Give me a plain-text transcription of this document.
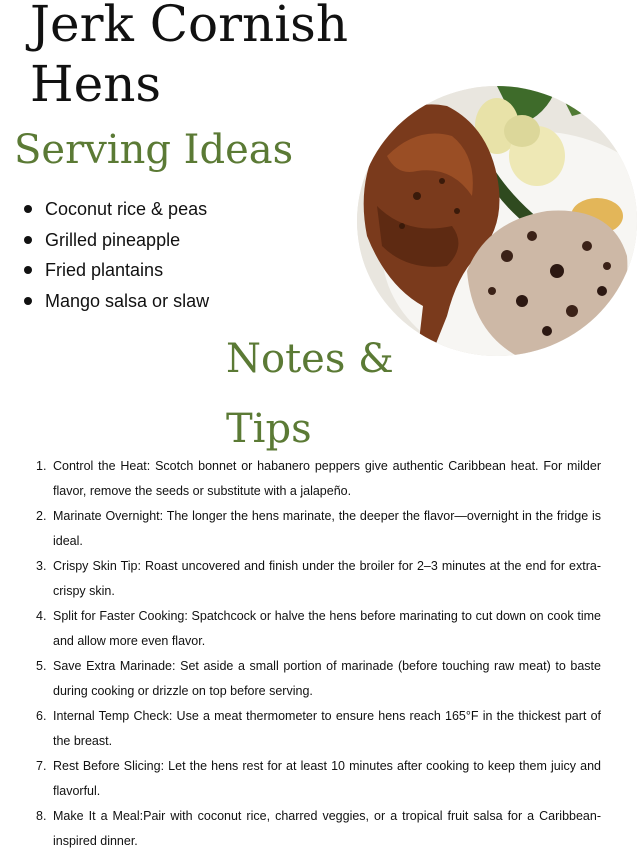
Jerk Cornish
Hens
Serving Ideas
Coconut rice & peas
Grilled pineapple
Fried plantains
Mango salsa or slaw
Notes & Tips
1. Control the Heat: Scotch bonnet or habanero peppers give authentic Caribbean heat. For milder flavor, remove the seeds or substitute with a jalapeño.
2. Marinate Overnight: The longer the hens marinate, the deeper the flavor—overnight in the fridge is ideal.
3. Crispy Skin Tip: Roast uncovered and finish under the broiler for 2–3 minutes at the end for extra-crispy skin.
4. Split for Faster Cooking: Spatchcock or halve the hens before marinating to cut down on cook time and allow more even flavor.
5. Save Extra Marinade: Set aside a small portion of marinade (before touching raw meat) to baste during cooking or drizzle on top before serving.
6. Internal Temp Check: Use a meat thermometer to ensure hens reach 165°F in the thickest part of the breast.
7. Rest Before Slicing: Let the hens rest for at least 10 minutes after cooking to keep them juicy and flavorful.
8. Make It a Meal:Pair with coconut rice, charred veggies, or a tropical fruit salsa for a Caribbean-inspired dinner.
